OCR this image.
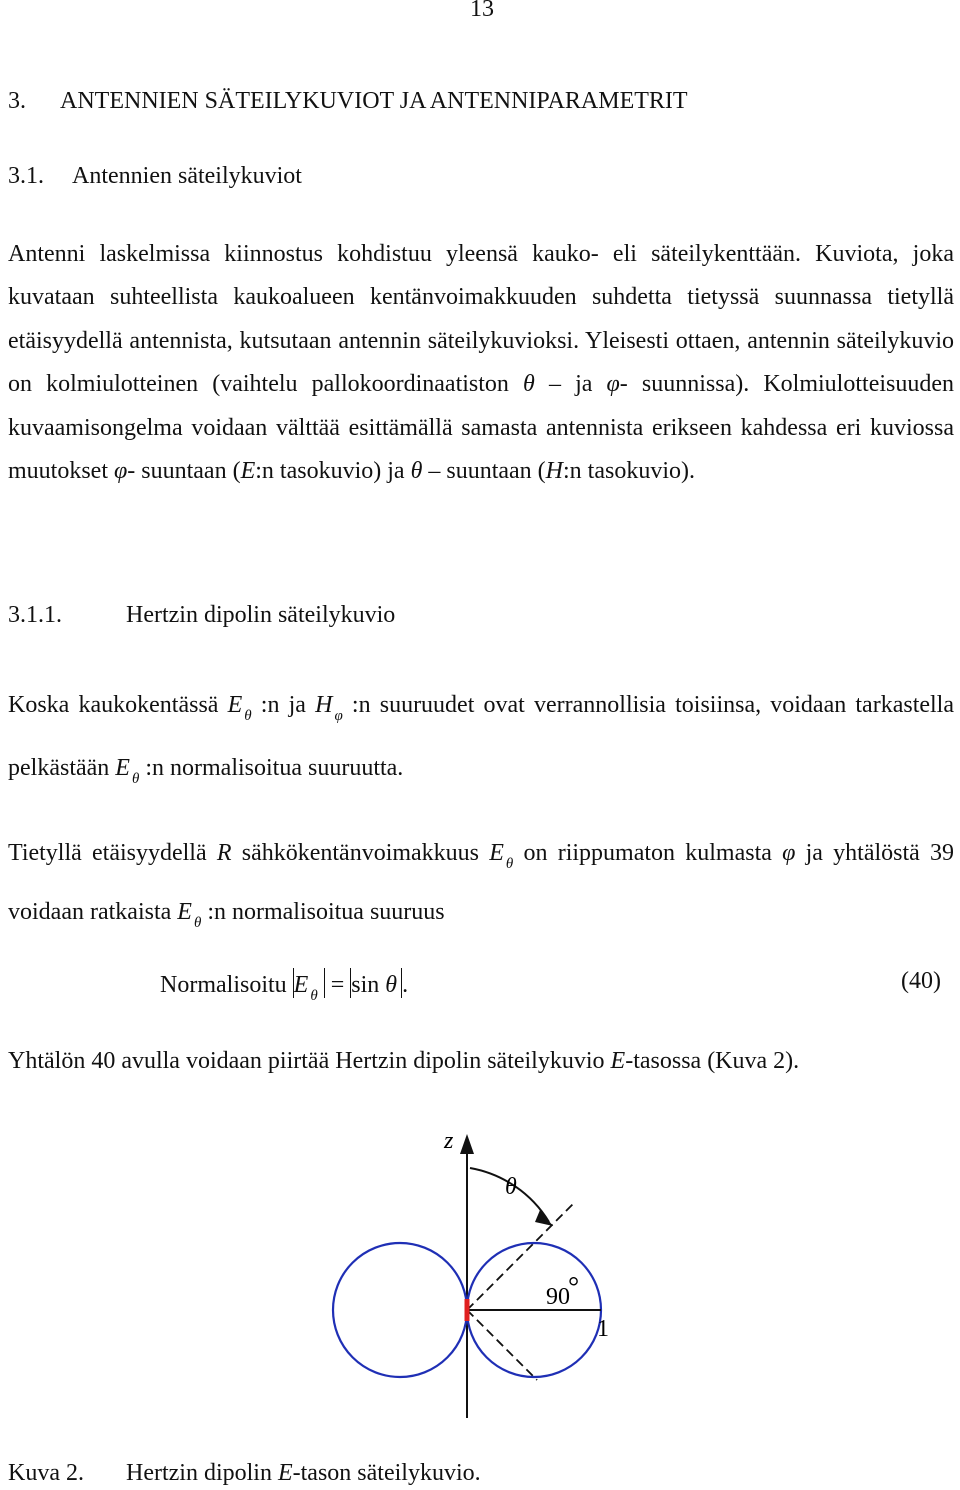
13
3. ANTENNIEN SÄTEILYKUVIOT JA ANTENNIPARAMETRIT
3.1. Antennien säteilykuviot
Antenni laskelmissa kiinnostus kohdistuu yleensä kauko- eli säteilykenttään. Kuviota, joka kuvataan suhteellista kaukoalueen kentänvoimakkuuden suhdetta tietyssä suunnassa tietyllä etäisyydellä antennista, kutsutaan antennin säteilykuvioksi. Yleisesti ottaen, antennin säteilykuvio on kolmiulotteinen (vaihtelu pallokoordinaatiston θ – ja φ- suunnissa). Kolmiulotteisuuden kuvaamisongelma voidaan välttää esittämällä samasta antennista erikseen kahdessa eri kuviossa muutokset φ- suuntaan (E:n tasokuvio) ja θ – suuntaan (H:n tasokuvio).
3.1.1.	Hertzin dipolin säteilykuvio
Koska kaukokentässä E $_\theta$ :n ja H $_\varphi$ :n suuruudet ovat verrannollisia toisiinsa, voidaan tarkastella pelkästään E $_\theta$ :n normalisoitua suuruutta.
Tietyllä etäisyydellä R sähkökentänvoimakkuus E $_\theta$ on riippumaton kulmasta φ ja yhtälöstä 39 voidaan ratkaista E $_\theta$ :n normalisoitua suuruus
Normalisoitu E $_\theta$ = sin θ .	(40)
Yhtälön 40 avulla voidaan piirtää Hertzin dipolin säteilykuvio E-tasossa (Kuva 2).
z
θ
90
°
1
Kuva 2. Hertzin dipolin E-tason säteilykuvio.
